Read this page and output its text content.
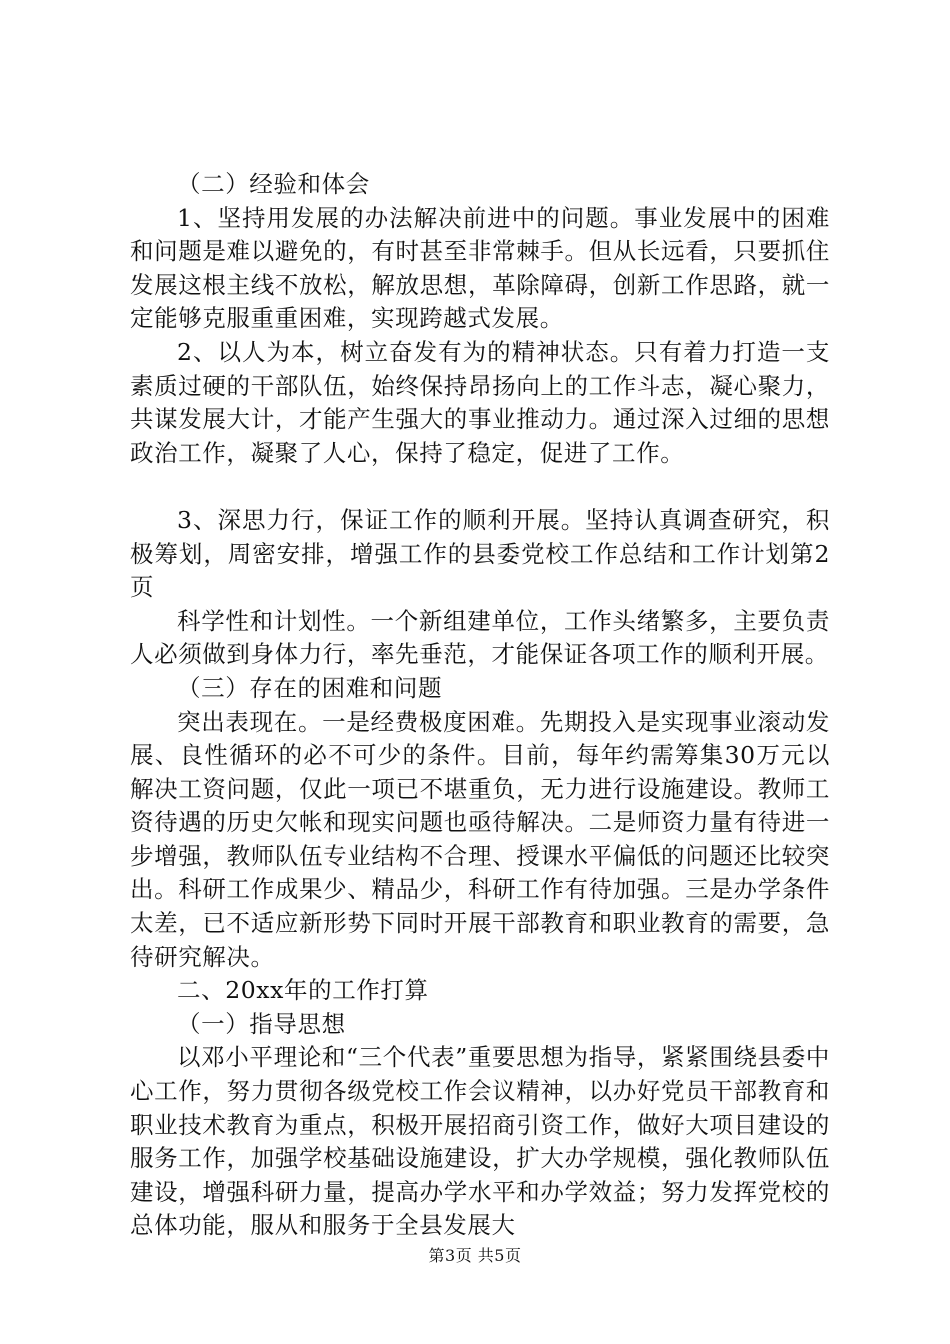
（二）经验和体会

1、坚持用发展的办法解决前进中的问题。事业发展中的困难和问题是难以避免的，有时甚至非常棘手。但从长远看，只要抓住发展这根主线不放松，解放思想，革除障碍，创新工作思路，就一定能够克服重重困难，实现跨越式发展。

2、以人为本，树立奋发有为的精神状态。只有着力打造一支素质过硬的干部队伍，始终保持昂扬向上的工作斗志，凝心聚力，共谋发展大计，才能产生强大的事业推动力。通过深入过细的思想政治工作，凝聚了人心，保持了稳定，促进了工作。

3、深思力行，保证工作的顺利开展。坚持认真调查研究，积极筹划，周密安排，增强工作的县委党校工作总结和工作计划第2页

科学性和计划性。一个新组建单位，工作头绪繁多，主要负责人必须做到身体力行，率先垂范，才能保证各项工作的顺利开展。

（三）存在的困难和问题

突出表现在。一是经费极度困难。先期投入是实现事业滚动发展、良性循环的必不可少的条件。目前，每年约需筹集30万元以解决工资问题，仅此一项已不堪重负，无力进行设施建设。教师工资待遇的历史欠帐和现实问题也亟待解决。二是师资力量有待进一步增强，教师队伍专业结构不合理、授课水平偏低的问题还比较突出。科研工作成果少、精品少，科研工作有待加强。三是办学条件太差，已不适应新形势下同时开展干部教育和职业教育的需要，急待研究解决。

二、20xx年的工作打算

（一）指导思想

以邓小平理论和“三个代表”重要思想为指导，紧紧围绕县委中心工作，努力贯彻各级党校工作会议精神，以办好党员干部教育和职业技术教育为重点，积极开展招商引资工作，做好大项目建设的服务工作，加强学校基础设施建设，扩大办学规模，强化教师队伍建设，增强科研力量，提高办学水平和办学效益；努力发挥党校的总体功能，服从和服务于全县发展大

第3页 共5页
